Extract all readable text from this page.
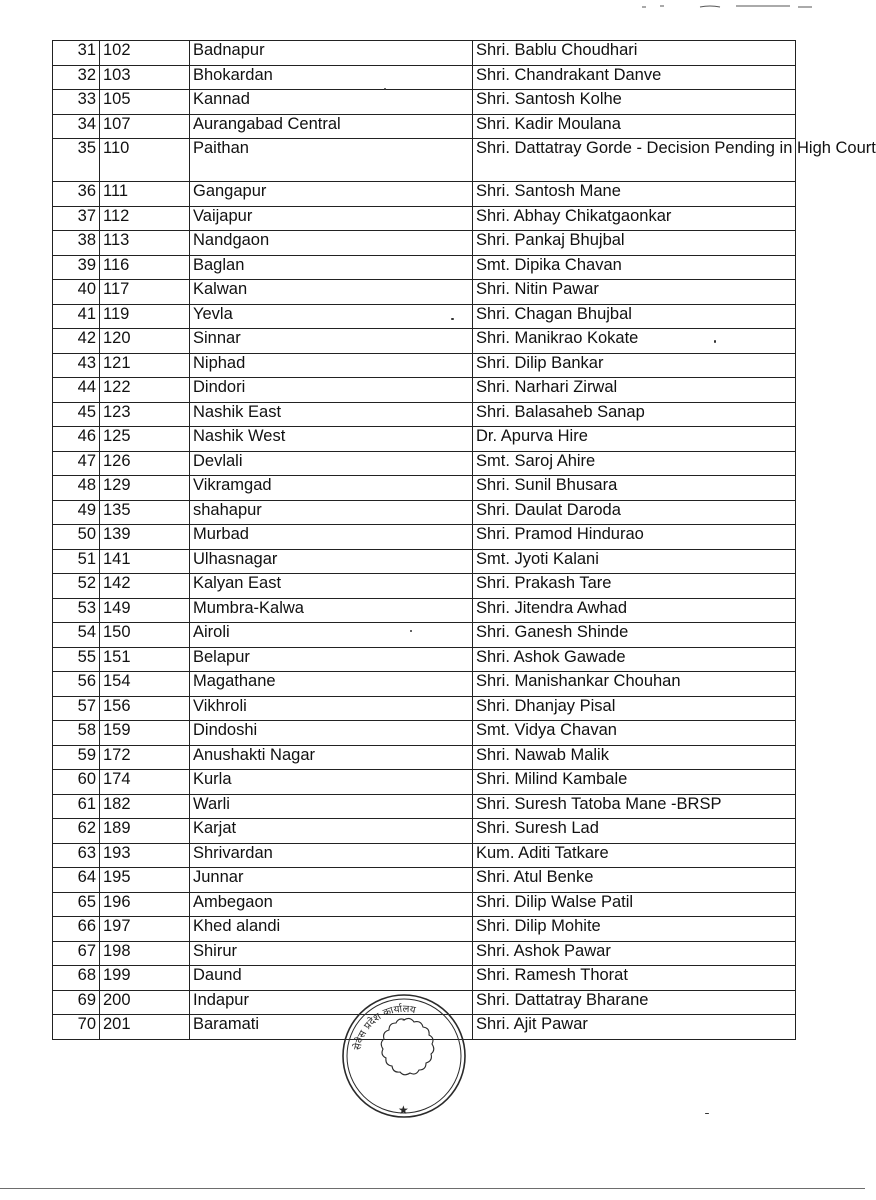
31	102	Badnapur	Shri. Bablu Choudhari
32	103	Bhokardan	Shri. Chandrakant Danve
33	105	Kannad	Shri. Santosh Kolhe
34	107	Aurangabad Central	Shri. Kadir Moulana
35	110	Paithan	Shri. Dattatray Gorde - Decision Pending in High Court
36	111	Gangapur	Shri. Santosh Mane
37	112	Vaijapur	Shri. Abhay Chikatgaonkar
38	113	Nandgaon	Shri. Pankaj Bhujbal
39	116	Baglan	Smt. Dipika Chavan
40	117	Kalwan	Shri. Nitin Pawar
41	119	Yevla	Shri. Chagan Bhujbal
42	120	Sinnar	Shri. Manikrao Kokate
43	121	Niphad	Shri. Dilip Bankar
44	122	Dindori	Shri. Narhari Zirwal
45	123	Nashik East	Shri. Balasaheb Sanap
46	125	Nashik West	Dr. Apurva Hire
47	126	Devlali	Smt. Saroj Ahire
48	129	Vikramgad	Shri. Sunil Bhusara
49	135	shahapur	Shri. Daulat Daroda
50	139	Murbad	Shri. Pramod Hindurao
51	141	Ulhasnagar	Smt. Jyoti Kalani
52	142	Kalyan East	Shri. Prakash Tare
53	149	Mumbra-Kalwa	Shri. Jitendra Awhad
54	150	Airoli	Shri. Ganesh Shinde
55	151	Belapur	Shri. Ashok Gawade
56	154	Magathane	Shri. Manishankar Chouhan
57	156	Vikhroli	Shri. Dhanjay Pisal
58	159	Dindoshi	Smt. Vidya Chavan
59	172	Anushakti Nagar	Shri. Nawab Malik
60	174	Kurla	Shri. Milind Kambale
61	182	Warli	Shri. Suresh Tatoba Mane -BRSP
62	189	Karjat	Shri. Suresh Lad
63	193	Shrivardan	Kum. Aditi Tatkare
64	195	Junnar	Shri. Atul Benke
65	196	Ambegaon	Shri. Dilip Walse Patil
66	197	Khed alandi	Shri. Dilip Mohite
67	198	Shirur	Shri. Ashok Pawar
68	199	Daund	Shri. Ramesh Thorat
69	200	Indapur	Shri. Dattatray Bharane
70	201	Baramati	Shri. Ajit Pawar
सेवेस प्रदेश कार्यालय
★
